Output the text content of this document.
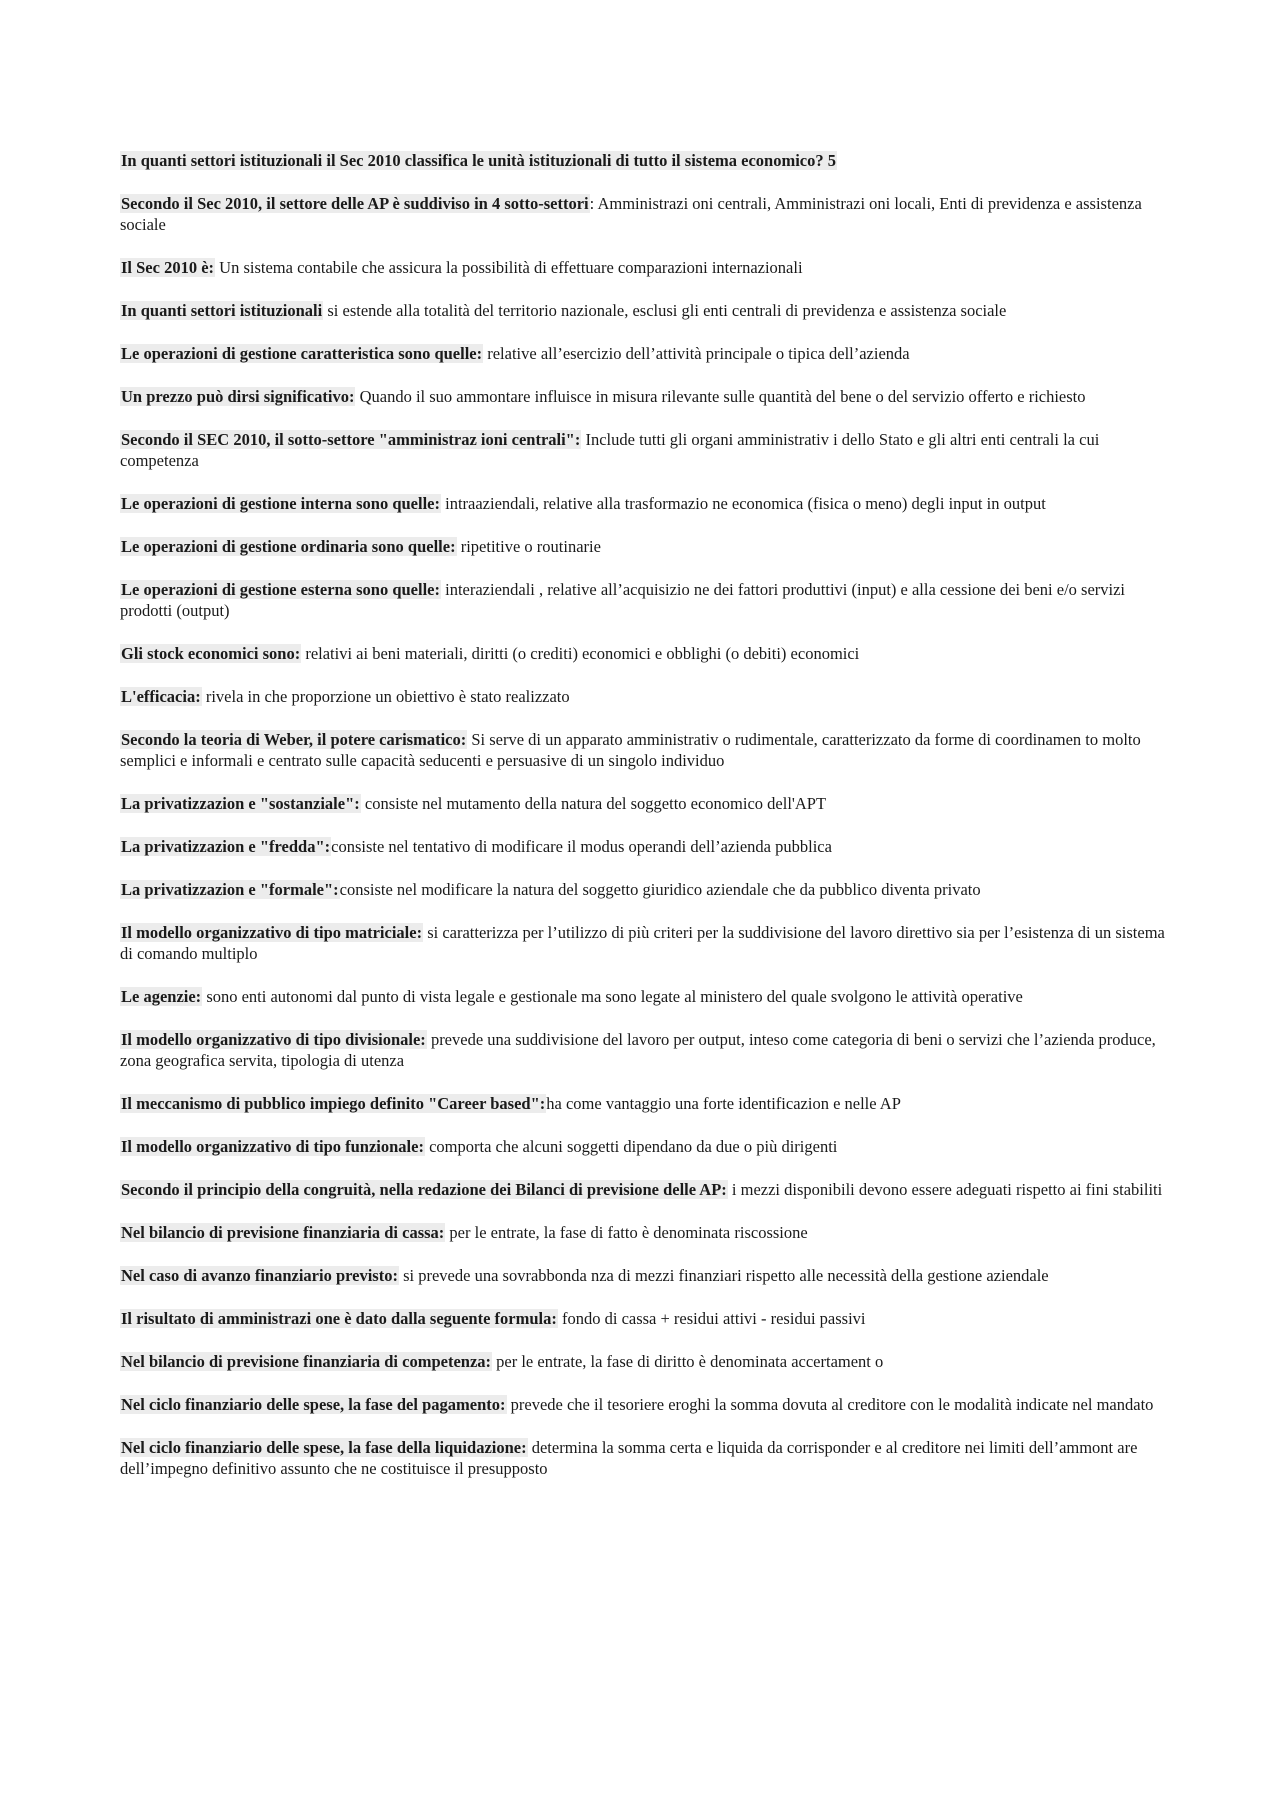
In quanti settori istituzionali il Sec 2010 classifica le unità istituzionali di tutto il sistema economico? 5

Secondo il Sec 2010, il settore delle AP è suddiviso in 4 sotto-settori: Amministrazi oni centrali, Amministrazi oni locali, Enti di previdenza e assistenza sociale

Il Sec 2010 è: Un sistema contabile che assicura la possibilità di effettuare comparazioni internazionali

In quanti settori istituzionali si estende alla totalità del territorio nazionale, esclusi gli enti centrali di previdenza e assistenza sociale

Le operazioni di gestione caratteristica sono quelle: relative all’esercizio dell’attività principale o tipica dell’azienda

Un prezzo può dirsi significativo: Quando il suo ammontare influisce in misura rilevante sulle quantità del bene o del servizio offerto e richiesto

Secondo il SEC 2010, il sotto-settore "amministraz ioni centrali": Include tutti gli organi amministrativ i dello Stato e gli altri enti centrali la cui competenza

Le operazioni di gestione interna sono quelle: intraaziendali, relative alla trasformazio ne economica (fisica o meno) degli input in output

Le operazioni di gestione ordinaria sono quelle: ripetitive o routinarie

Le operazioni di gestione esterna sono quelle: interaziendali , relative all’acquisizio ne dei fattori produttivi (input) e alla cessione dei beni e/o servizi prodotti (output)

Gli stock economici sono: relativi ai beni materiali, diritti (o crediti) economici e obblighi (o debiti) economici

L'efficacia: rivela in che proporzione un obiettivo è stato realizzato

Secondo la teoria di Weber, il potere carismatico: Si serve di un apparato amministrativ o rudimentale, caratterizzato da forme di coordinamen to molto semplici e informali e centrato sulle capacità seducenti e persuasive di un singolo individuo

La privatizzazion e "sostanziale": consiste nel mutamento della natura del soggetto economico dell'APT

La privatizzazion e "fredda":consiste nel tentativo di modificare il modus operandi dell’azienda pubblica

La privatizzazion e "formale":consiste nel modificare la natura del soggetto giuridico aziendale che da pubblico diventa privato

Il modello organizzativo di tipo matriciale: si caratterizza per l’utilizzo di più criteri per la suddivisione del lavoro direttivo sia per l’esistenza di un sistema di comando multiplo

Le agenzie: sono enti autonomi dal punto di vista legale e gestionale ma sono legate al ministero del quale svolgono le attività operative

Il modello organizzativo di tipo divisionale: prevede una suddivisione del lavoro per output, inteso come categoria di beni o servizi che l’azienda produce, zona geografica servita, tipologia di utenza

Il meccanismo di pubblico impiego definito "Career based":ha come vantaggio una forte identificazion e nelle AP

Il modello organizzativo di tipo funzionale: comporta che alcuni soggetti dipendano da due o più dirigenti

Secondo il principio della congruità, nella redazione dei Bilanci di previsione delle AP: i mezzi disponibili devono essere adeguati rispetto ai fini stabiliti

Nel bilancio di previsione finanziaria di cassa: per le entrate, la fase di fatto è denominata riscossione

Nel caso di avanzo finanziario previsto: si prevede una sovrabbonda nza di mezzi finanziari rispetto alle necessità della gestione aziendale

Il risultato di amministrazi one è dato dalla seguente formula: fondo di cassa + residui attivi - residui passivi

Nel bilancio di previsione finanziaria di competenza: per le entrate, la fase di diritto è denominata accertament o

Nel ciclo finanziario delle spese, la fase del pagamento: prevede che il tesoriere eroghi la somma dovuta al creditore con le modalità indicate nel mandato

Nel ciclo finanziario delle spese, la fase della liquidazione: determina la somma certa e liquida da corrisponder e al creditore nei limiti dell’ammont are dell’impegno definitivo assunto che ne costituisce il presupposto
